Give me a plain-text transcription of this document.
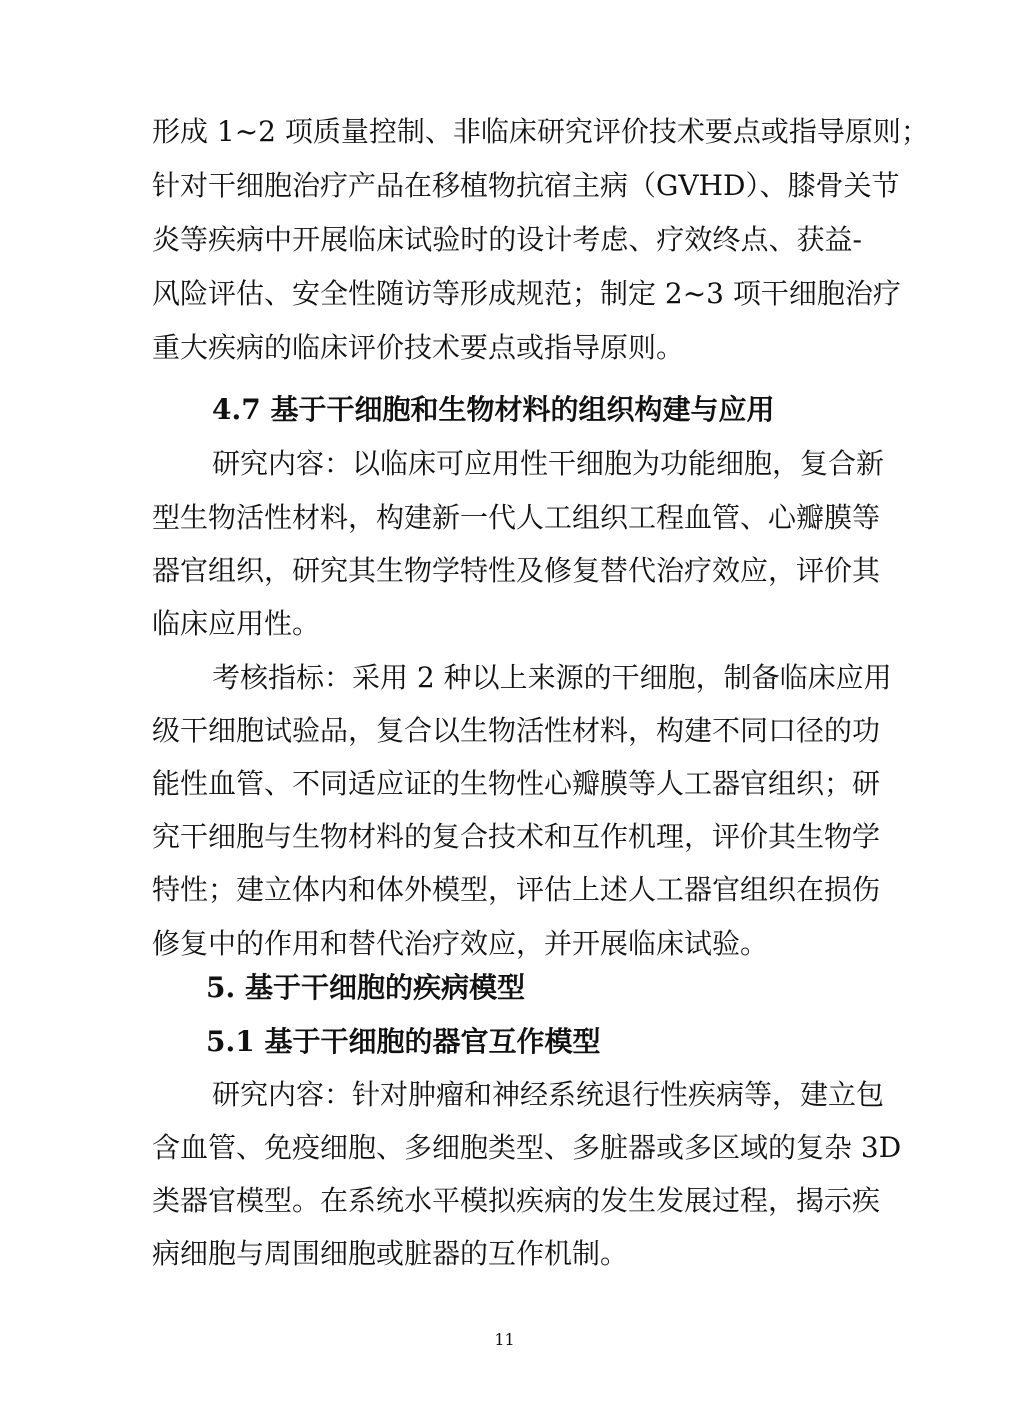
形成 1~2 项质量控制、非临床研究评价技术要点或指导原则；
针对干细胞治疗产品在移植物抗宿主病（GVHD）、膝骨关节
炎等疾病中开展临床试验时的设计考虑、疗效终点、获益-
风险评估、安全性随访等形成规范；制定 2~3 项干细胞治疗
重大疾病的临床评价技术要点或指导原则。
4.7 基于干细胞和生物材料的组织构建与应用
研究内容：以临床可应用性干细胞为功能细胞，复合新
型生物活性材料，构建新一代人工组织工程血管、心瓣膜等
器官组织，研究其生物学特性及修复替代治疗效应，评价其
临床应用性。
考核指标：采用 2 种以上来源的干细胞，制备临床应用
级干细胞试验品，复合以生物活性材料，构建不同口径的功
能性血管、不同适应证的生物性心瓣膜等人工器官组织；研
究干细胞与生物材料的复合技术和互作机理，评价其生物学
特性；建立体内和体外模型，评估上述人工器官组织在损伤
修复中的作用和替代治疗效应，并开展临床试验。
5. 基于干细胞的疾病模型
5.1 基于干细胞的器官互作模型
研究内容：针对肿瘤和神经系统退行性疾病等，建立包
含血管、免疫细胞、多细胞类型、多脏器或多区域的复杂 3D
类器官模型。在系统水平模拟疾病的发生发展过程，揭示疾
病细胞与周围细胞或脏器的互作机制。
11
